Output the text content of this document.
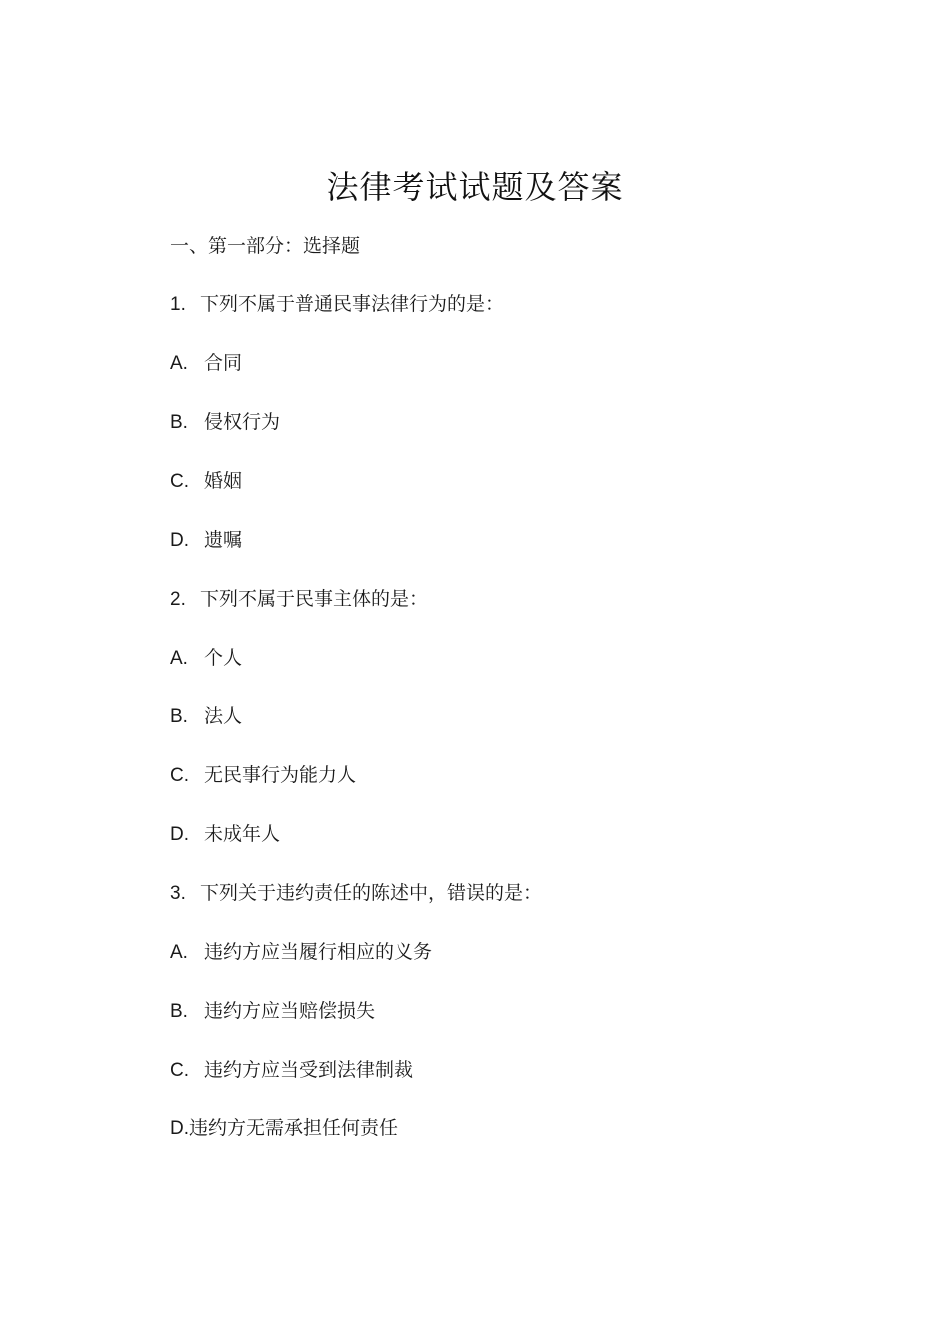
法律考试试题及答案
一、第一部分：选择题
1. 下列不属于普通民事法律行为的是：
A. 合同
B. 侵权行为
C. 婚姻
D. 遗嘱
2. 下列不属于民事主体的是：
A. 个人
B. 法人
C. 无民事行为能力人
D. 未成年人
3. 下列关于违约责任的陈述中，错误的是：
A. 违约方应当履行相应的义务
B. 违约方应当赔偿损失
C. 违约方应当受到法律制裁
D.违约方无需承担任何责任
